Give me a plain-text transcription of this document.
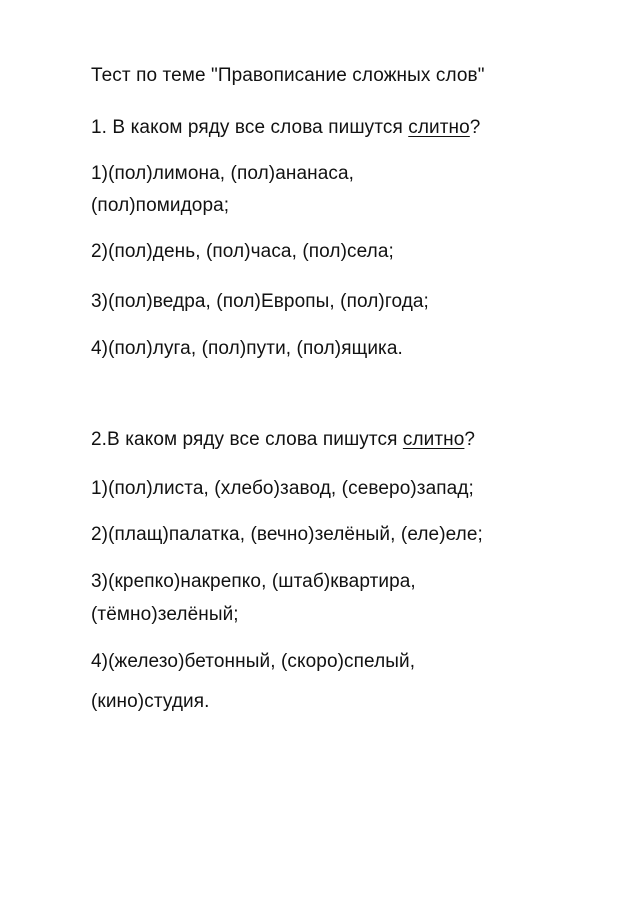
Тест по теме "Правописание сложных слов"
1. В каком ряду все слова пишутся слитно?
1)(пол)лимона, (пол)ананаса,
(пол)помидора;
2)(пол)день, (пол)часа, (пол)села;
3)(пол)ведра, (пол)Европы, (пол)года;
4)(пол)луга, (пол)пути, (пол)ящика.
2.В каком ряду все слова пишутся слитно?
1)(пол)листа, (хлебо)завод, (северо)запад;
2)(плащ)палатка, (вечно)зелёный, (еле)еле;
3)(крепко)накрепко, (штаб)квартира,
(тёмно)зелёный;
4)(железо)бетонный, (скоро)спелый,
(кино)студия.
